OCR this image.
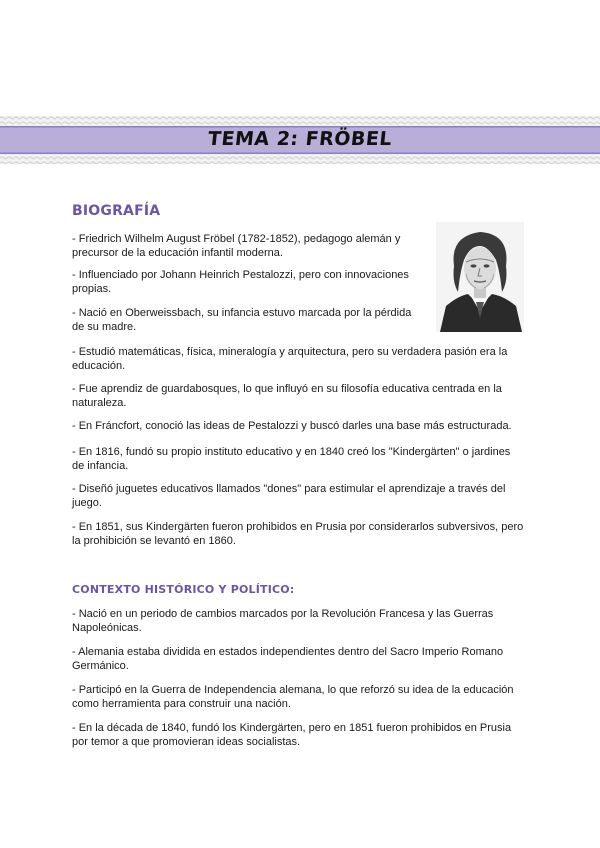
TEMA 2: FRÖBEL
BIOGRAFÍA
- Friedrich Wilhelm August Fröbel (1782-1852), pedagogo alemán y precursor de la educación infantil moderna.
- Influenciado por Johann Heinrich Pestalozzi, pero con innovaciones propias.
- Nació en Oberweissbach, su infancia estuvo marcada por la pérdida de su madre.
- Estudió matemáticas, física, mineralogía y arquitectura, pero su verdadera pasión era la educación.
- Fue aprendiz de guardabosques, lo que influyó en su filosofía educativa centrada en la naturaleza.
- En Fráncfort, conoció las ideas de Pestalozzi y buscó darles una base más estructurada.
- En 1816, fundó su propio instituto educativo y en 1840 creó los "Kindergärten" o jardines de infancia.
- Diseñó juguetes educativos llamados "dones" para estimular el aprendizaje a través del juego.
- En 1851, sus Kindergärten fueron prohibidos en Prusia por considerarlos subversivos, pero la prohibición se levantó en 1860.
CONTEXTO HISTÓRICO Y POLÍTICO:
- Nació en un periodo de cambios marcados por la Revolución Francesa y las Guerras Napoleónicas.
- Alemania estaba dividida en estados independientes dentro del Sacro Imperio Romano Germánico.
- Participó en la Guerra de Independencia alemana, lo que reforzó su idea de la educación como herramienta para construir una nación.
- En la década de 1840, fundó los Kindergärten, pero en 1851 fueron prohibidos en Prusia por temor a que promovieran ideas socialistas.
